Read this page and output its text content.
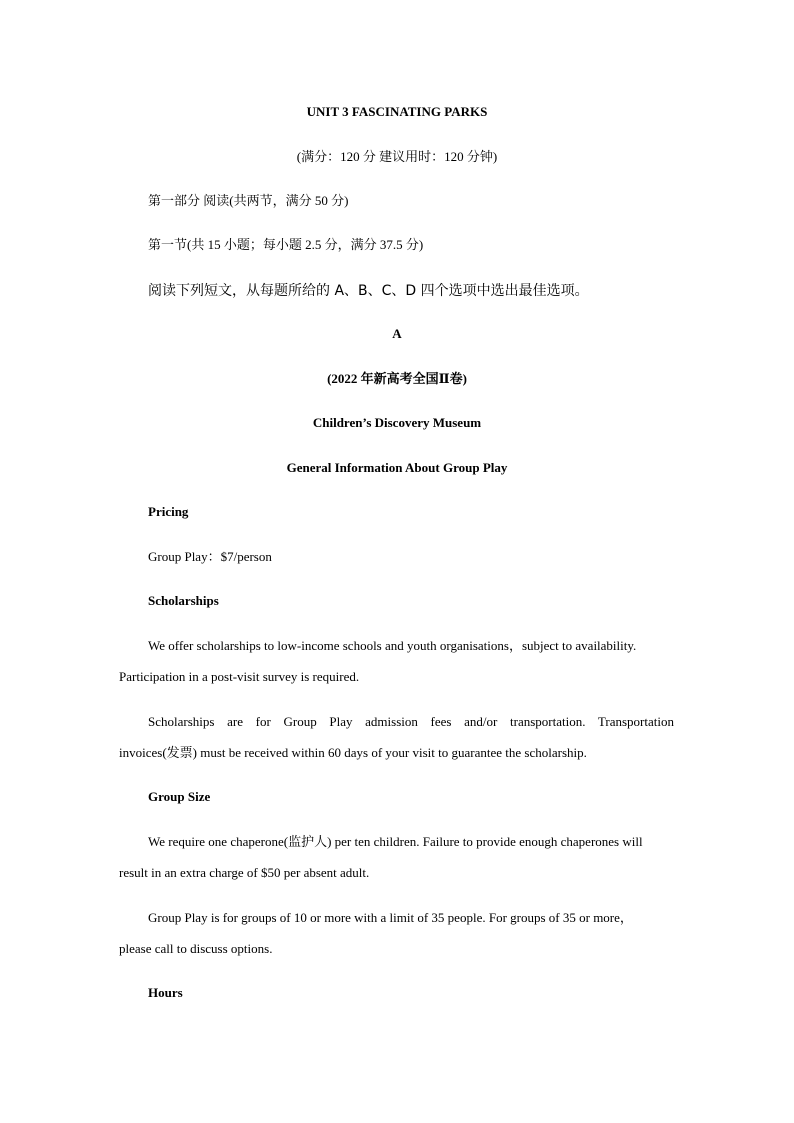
UNIT 3 FASCINATING PARKS
(满分：120 分 建议用时：120 分钟)
第一部分 阅读(共两节，满分 50 分)
第一节(共 15 小题；每小题 2.5 分，满分 37.5 分)
阅读下列短文，从每题所给的 A、B、C、D 四个选项中选出最佳选项。
A
(2022 年新高考全国Ⅱ卷)
Children’s Discovery Museum
General Information About Group Play
Pricing
Group Play：$7/person
Scholarships
We offer scholarships to low-income schools and youth organisations，subject to availability.
Participation in a post-visit survey is required.
Scholarships are for Group Play admission fees and/or transportation. Transportation
invoices(发票) must be received within 60 days of your visit to guarantee the scholarship.
Group Size
We require one chaperone(监护人) per ten children. Failure to provide enough chaperones will
result in an extra charge of $50 per absent adult.
Group Play is for groups of 10 or more with a limit of 35 people. For groups of 35 or more，
please call to discuss options.
Hours
